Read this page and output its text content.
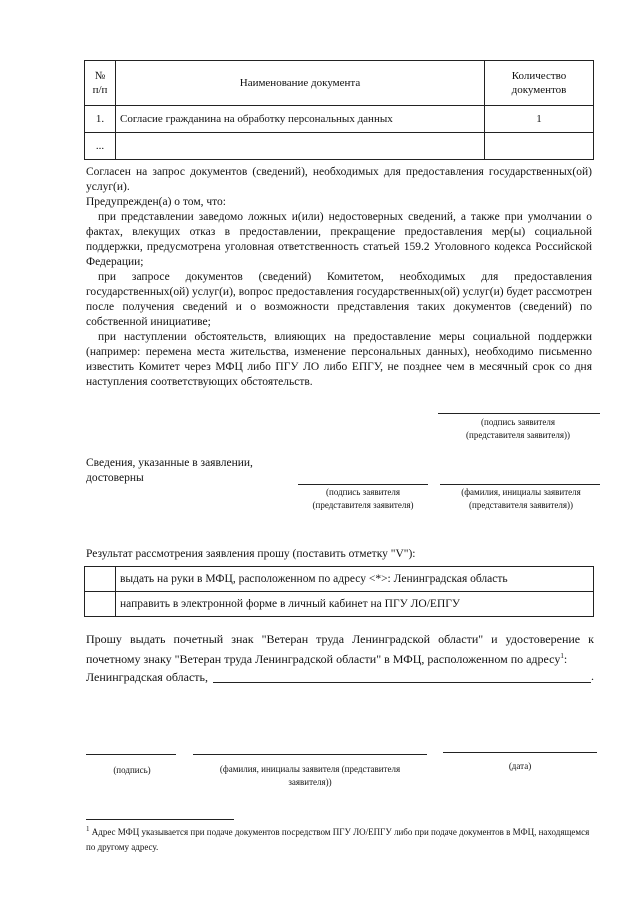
№ п/п	Наименование документа	Количество документов
1.	Согласие гражданина на обработку персональных данных	1
...		
Согласен на запрос документов (сведений), необходимых для предоставления государственных(ой) услуг(и).
Предупрежден(а) о том, что:
при представлении заведомо ложных и(или) недостоверных сведений, а также при умолчании о фактах, влекущих отказ в предоставлении, прекращение предоставления мер(ы) социальной поддержки, предусмотрена уголовная ответственность статьей 159.2 Уголовного кодекса Российской Федерации;
при запросе документов (сведений) Комитетом, необходимых для предоставления государственных(ой) услуг(и), вопрос предоставления государственных(ой) услуг(и) будет рассмотрен после получения сведений и о возможности представления таких документов (сведений) по собственной инициативе;
при наступлении обстоятельств, влияющих на предоставление меры социальной поддержки (например: перемена места жительства, изменение персональных данных), необходимо письменно известить Комитет через МФЦ либо ПГУ ЛО либо ЕПГУ, не позднее чем в месячный срок со дня наступления соответствующих обстоятельств.
(подпись заявителя (представителя заявителя))
Сведения, указанные в заявлении, достоверны
(подпись заявителя (представителя заявителя)
(фамилия, инициалы заявителя (представителя заявителя))
Результат рассмотрения заявления прошу (поставить отметку "V"):
	выдать на руки в МФЦ, расположенном по адресу <*>: Ленинградская область
	направить в электронной форме в личный кабинет на ПГУ ЛО/ЕПГУ
Прошу выдать почетный знак "Ветеран труда Ленинградской области" и удостоверение к почетному знаку "Ветеран труда Ленинградской области" в МФЦ, расположенном по адресу$^1$:
Ленинградская область,	.
(подпись)	(фамилия, инициалы заявителя (представителя заявителя))
(дата)
$^1$ Адрес МФЦ указывается при подаче документов посредством ПГУ ЛО/ЕПГУ либо при подаче документов в МФЦ, находящемся по другому адресу.
